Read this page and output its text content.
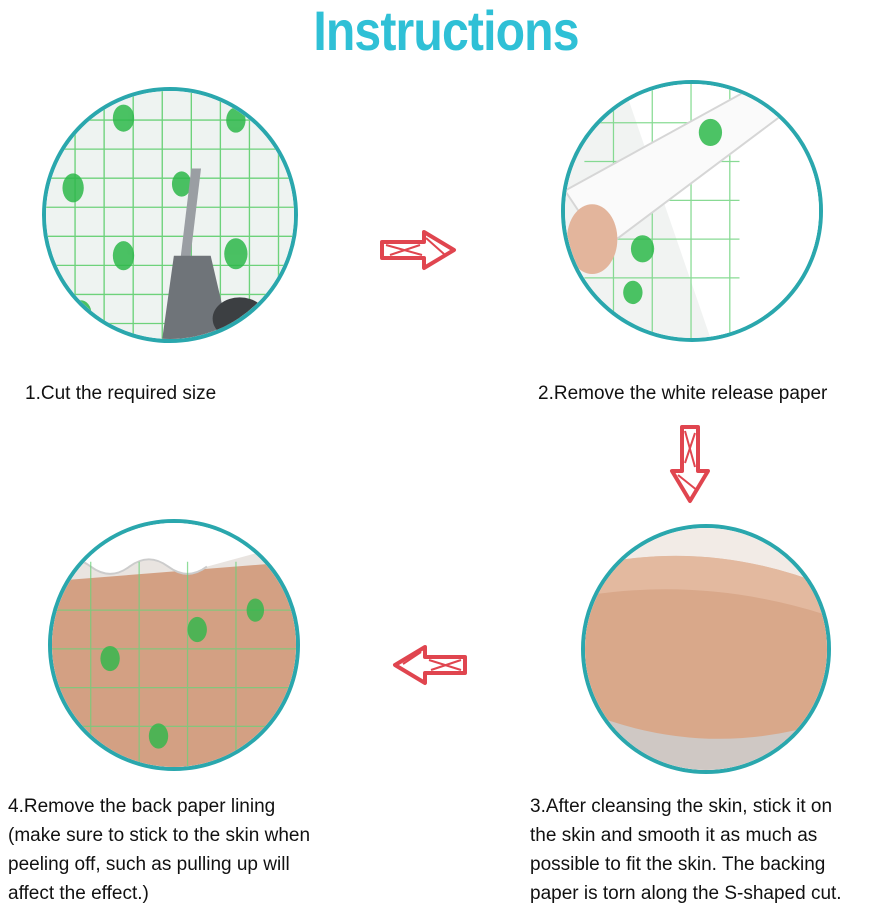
Instructions
1.Cut the required size	2.Remove the white release paper
4.Remove the back paper lining
(make sure to stick to the skin when
peeling off, such as pulling up will
affect the effect.)
3.After cleansing the skin, stick it on
the skin and smooth it as much as
possible to fit the skin. The backing
paper is torn along the S-shaped cut.
